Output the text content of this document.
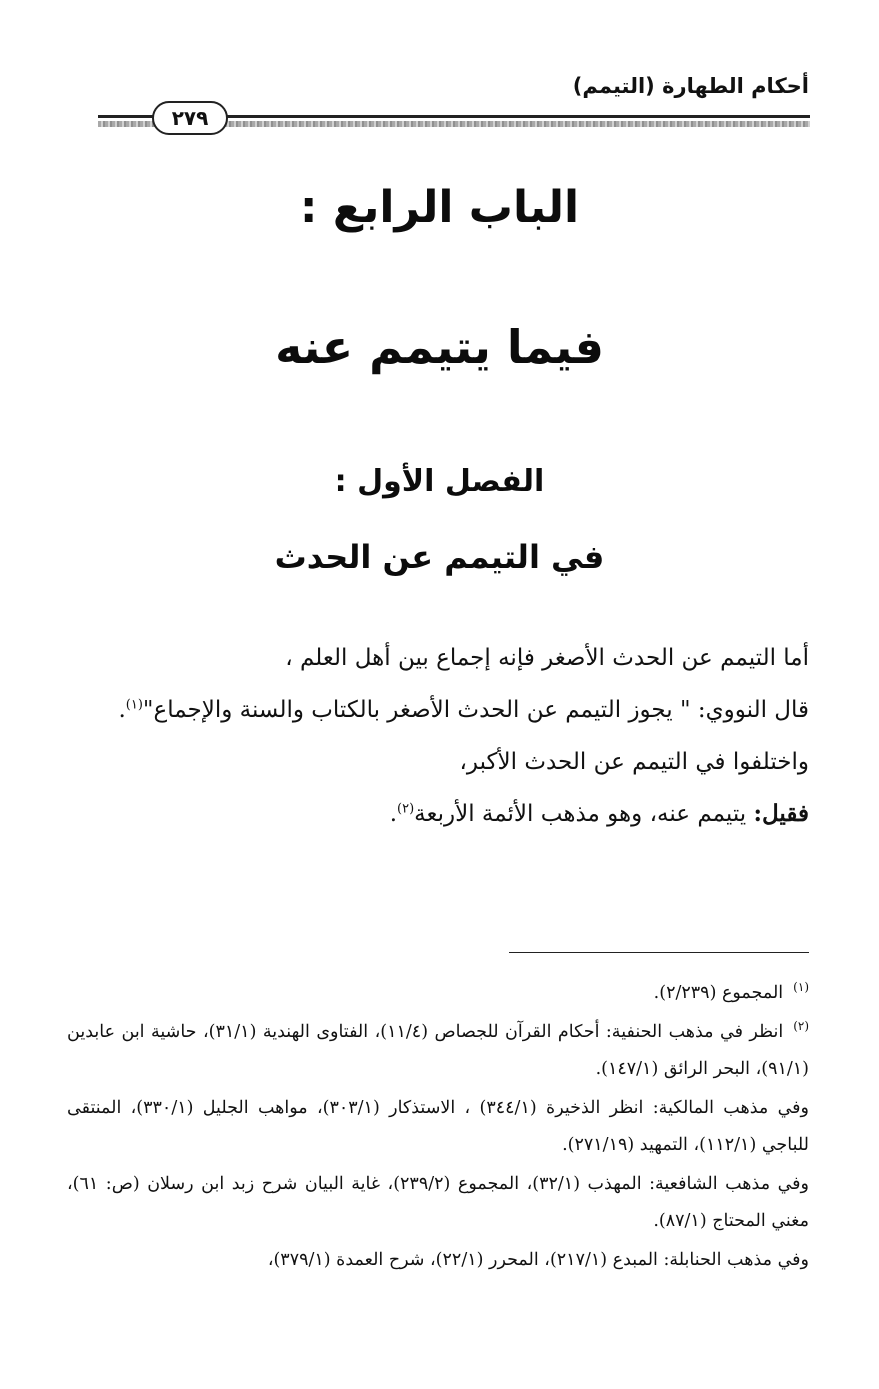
أحكام الطهارة (التيمم)
٢٧٩
الباب الرابع :
فيما يتيمم عنه
الفصل الأول :
في التيمم عن الحدث

أما التيمم عن الحدث الأصغر فإنه إجماع بين أهل العلم ،

قال النووي: " يجوز التيمم عن الحدث الأصغر بالكتاب والسنة والإجماع"$^{(١)}$.

واختلفوا في التيمم عن الحدث الأكبر،

فقيل: يتيمم عنه، وهو مذهب الأئمة الأربعة$^{(٢)}$.

$^{(١)}$المجموع (٢/٢٣٩).

$^{(٢)}$انظر في مذهب الحنفية: أحكام القرآن للجصاص (١١/٤)، الفتاوى الهندية (٣١/١)، حاشية ابن عابدين (٩١/١)، البحر الرائق (١٤٧/١).

وفي مذهب المالكية: انظر الذخيرة (٣٤٤/١) ، الاستذكار (٣٠٣/١)، مواهب الجليل (٣٣٠/١)، المنتقى للباجي (١١٢/١)، التمهيد (٢٧١/١٩).

وفي مذهب الشافعية: المهذب (٣٢/١)، المجموع (٢٣٩/٢)، غاية البيان شرح زبد ابن رسلان (ص: ٦١)، مغني المحتاج (٨٧/١).

وفي مذهب الحنابلة: المبدع (٢١٧/١)، المحرر (٢٢/١)، شرح العمدة (٣٧٩/١)،
